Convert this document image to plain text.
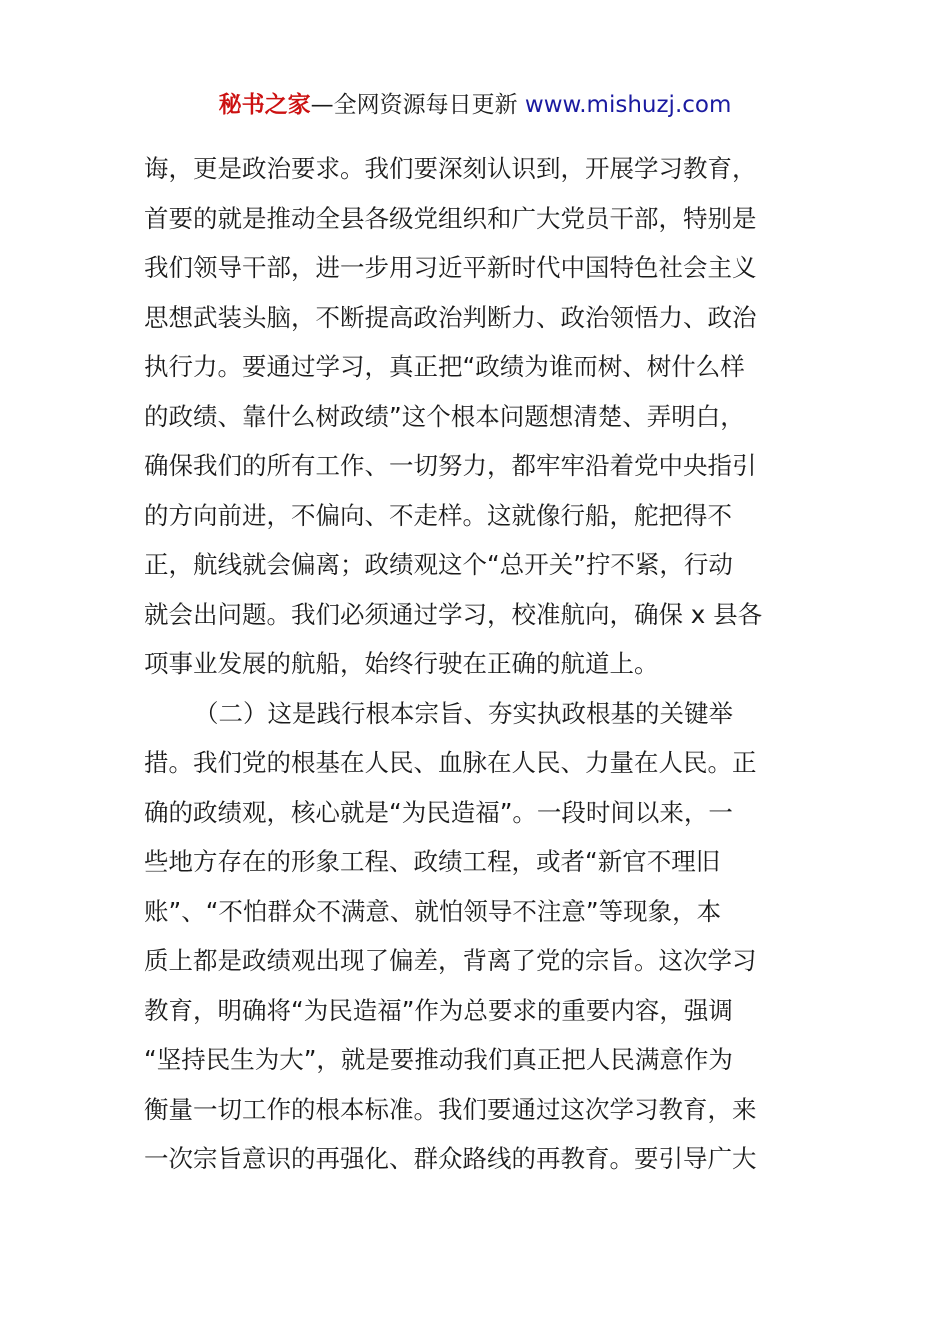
秘书之家—全网资源每日更新 www.mishuzj.com
诲，更是政治要求。我们要深刻认识到，开展学习教育，
首要的就是推动全县各级党组织和广大党员干部，特别是
我们领导干部，进一步用习近平新时代中国特色社会主义
思想武装头脑，不断提高政治判断力、政治领悟力、政治
执行力。要通过学习，真正把“政绩为谁而树、树什么样
的政绩、靠什么树政绩”这个根本问题想清楚、弄明白，
确保我们的所有工作、一切努力，都牢牢沿着党中央指引
的方向前进，不偏向、不走样。这就像行船，舵把得不
正，航线就会偏离；政绩观这个“总开关”拧不紧，行动
就会出问题。我们必须通过学习，校准航向，确保 x 县各
项事业发展的航船，始终行驶在正确的航道上。
（二）这是践行根本宗旨、夯实执政根基的关键举
措。我们党的根基在人民、血脉在人民、力量在人民。正
确的政绩观，核心就是“为民造福”。一段时间以来，一
些地方存在的形象工程、政绩工程，或者“新官不理旧
账”、“不怕群众不满意、就怕领导不注意”等现象，本
质上都是政绩观出现了偏差，背离了党的宗旨。这次学习
教育，明确将“为民造福”作为总要求的重要内容，强调
“坚持民生为大”，就是要推动我们真正把人民满意作为
衡量一切工作的根本标准。我们要通过这次学习教育，来
一次宗旨意识的再强化、群众路线的再教育。要引导广大
